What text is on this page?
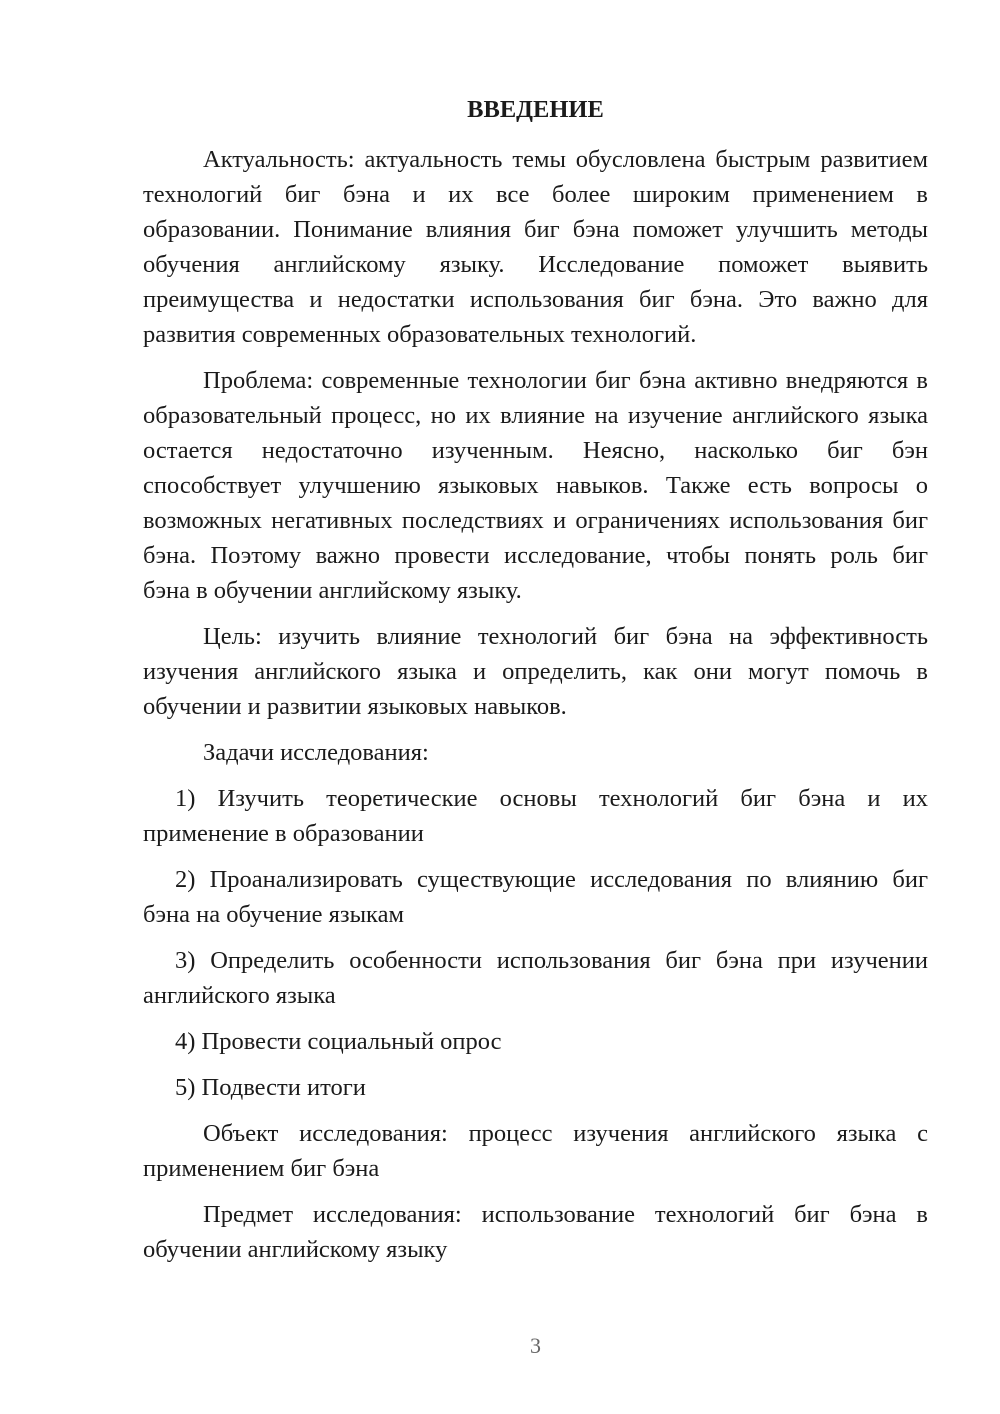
ВВЕДЕНИЕ
Актуальность: актуальность темы обусловлена быстрым развитием
технологий биг бэна и их все более широким применением в
образовании. Понимание влияния биг бэна поможет улучшить методы
обучения английскому языку. Исследование поможет выявить
преимущества и недостатки использования биг бэна. Это важно для
развития современных образовательных технологий.
Проблема: современные технологии биг бэна активно внедряются в
образовательный процесс, но их влияние на изучение английского языка
остается недостаточно изученным. Неясно, насколько биг бэн
способствует улучшению языковых навыков. Также есть вопросы о
возможных негативных последствиях и ограничениях использования биг
бэна. Поэтому важно провести исследование, чтобы понять роль биг
бэна в обучении английскому языку.
Цель: изучить влияние технологий биг бэна на эффективность
изучения английского языка и определить, как они могут помочь в
обучении и развитии языковых навыков.
Задачи исследования:
1) Изучить теоретические основы технологий биг бэна и их
применение в образовании
2) Проанализировать существующие исследования по влиянию биг
бэна на обучение языкам
3) Определить особенности использования биг бэна при изучении
английского языка
4) Провести социальный опрос
5) Подвести итоги
Объект исследования: процесс изучения английского языка с
применением биг бэна
Предмет исследования: использование технологий биг бэна в
обучении английскому языку
3
